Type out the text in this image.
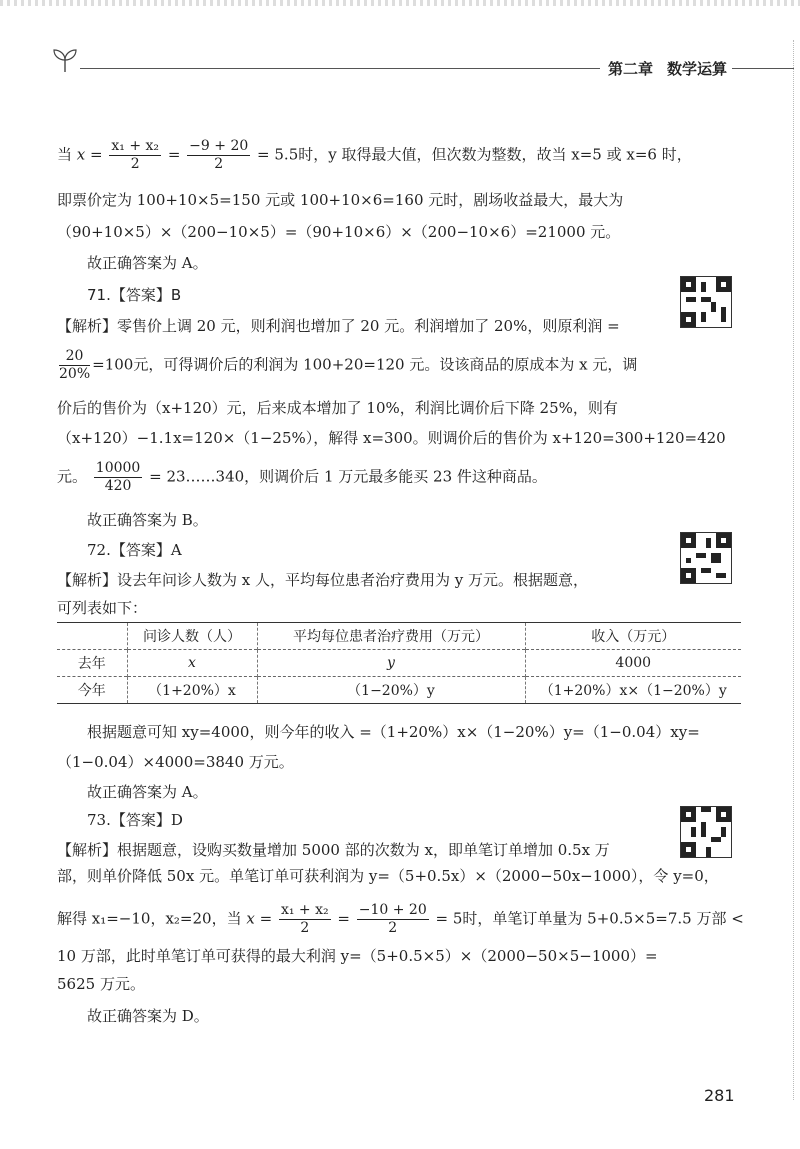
第二章 数学运算
当 $x = \frac{\text{x₁ + x₂}}{2} = \frac{-9 + 20}{2} = 5.5$时，y 取得最大值，但次数为整数，故当 x=5 或 x=6 时，
即票价定为 100+10×5=150 元或 100+10×6=160 元时，剧场收益最大，最大为
（90+10×5）×（200−10×5）=（90+10×6）×（200−10×6）=21000 元。
故正确答案为 A。
71.【答案】B
【解析】零售价上调 20 元，则利润也增加了 20 元。利润增加了 20%，则原利润 =
$\frac{20}{20\%} =100$元，可得调价后的利润为 100+20=120 元。设该商品的原成本为 x 元，调
价后的售价为（x+120）元，后来成本增加了 10%，利润比调价后下降 25%，则有
（x+120）−1.1x=120×（1−25%），解得 x=300。则调价后的售价为 x+120=300+120=420
元。 $\frac{10000}{420}$ = 23……340，则调价后 1 万元最多能买 23 件这种商品。
故正确答案为 B。
72.【答案】A
【解析】设去年问诊人数为 x 人，平均每位患者治疗费用为 y 万元。根据题意，
可列表如下：
	问诊人数（人）	平均每位患者治疗费用（万元）	收入（万元）
去年	x	y	4000
今年	（1+20%）x	（1−20%）y	（1+20%）x×（1−20%）y
根据题意可知 xy=4000，则今年的收入 =（1+20%）x×（1−20%）y=（1−0.04）xy=
（1−0.04）×4000=3840 万元。
故正确答案为 A。
73.【答案】D
【解析】根据题意，设购买数量增加 5000 部的次数为 x，即单笔订单增加 0.5x 万
部，则单价降低 50x 元。单笔订单可获利润为 y=（5+0.5x）×（2000−50x−1000），令 y=0，
解得 x₁=−10，x₂=20，当 $x = \frac{\text{x₁ + x₂}}{2} = \frac{-10 + 20}{2} = 5$时，单笔订单量为 5+0.5×5=7.5 万部 <
10 万部，此时单笔订单可获得的最大利润 y=（5+0.5×5）×（2000−50×5−1000）=
5625 万元。
故正确答案为 D。
281
